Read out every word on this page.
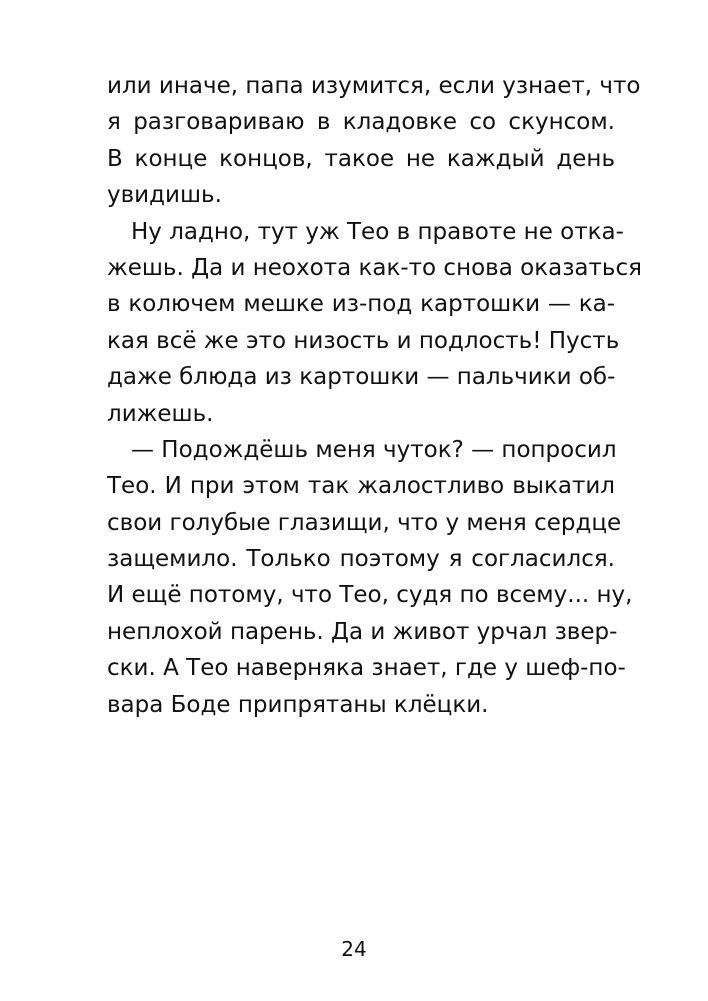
или иначе, папа изумится, если узнает, что
я разговариваю в кладовке со скунсом.
В конце концов, такое не каждый день
увидишь.
Ну ладно, тут уж Тео в правоте не отка-
жешь. Да и неохота как-то снова оказаться
в колючем мешке из-под картошки — ка-
кая всё же это низость и подлость! Пусть
даже блюда из картошки — пальчики об-
лижешь.
— Подождёшь меня чуток? — попросил
Тео. И при этом так жалостливо выкатил
свои голубые глазищи, что у меня сердце
защемило. Только поэтому я согласился.
И ещё потому, что Тео, судя по всему... ну,
неплохой парень. Да и живот урчал звер-
ски. А Тео наверняка знает, где у шеф-по-
вара Боде припрятаны клёцки.
24
